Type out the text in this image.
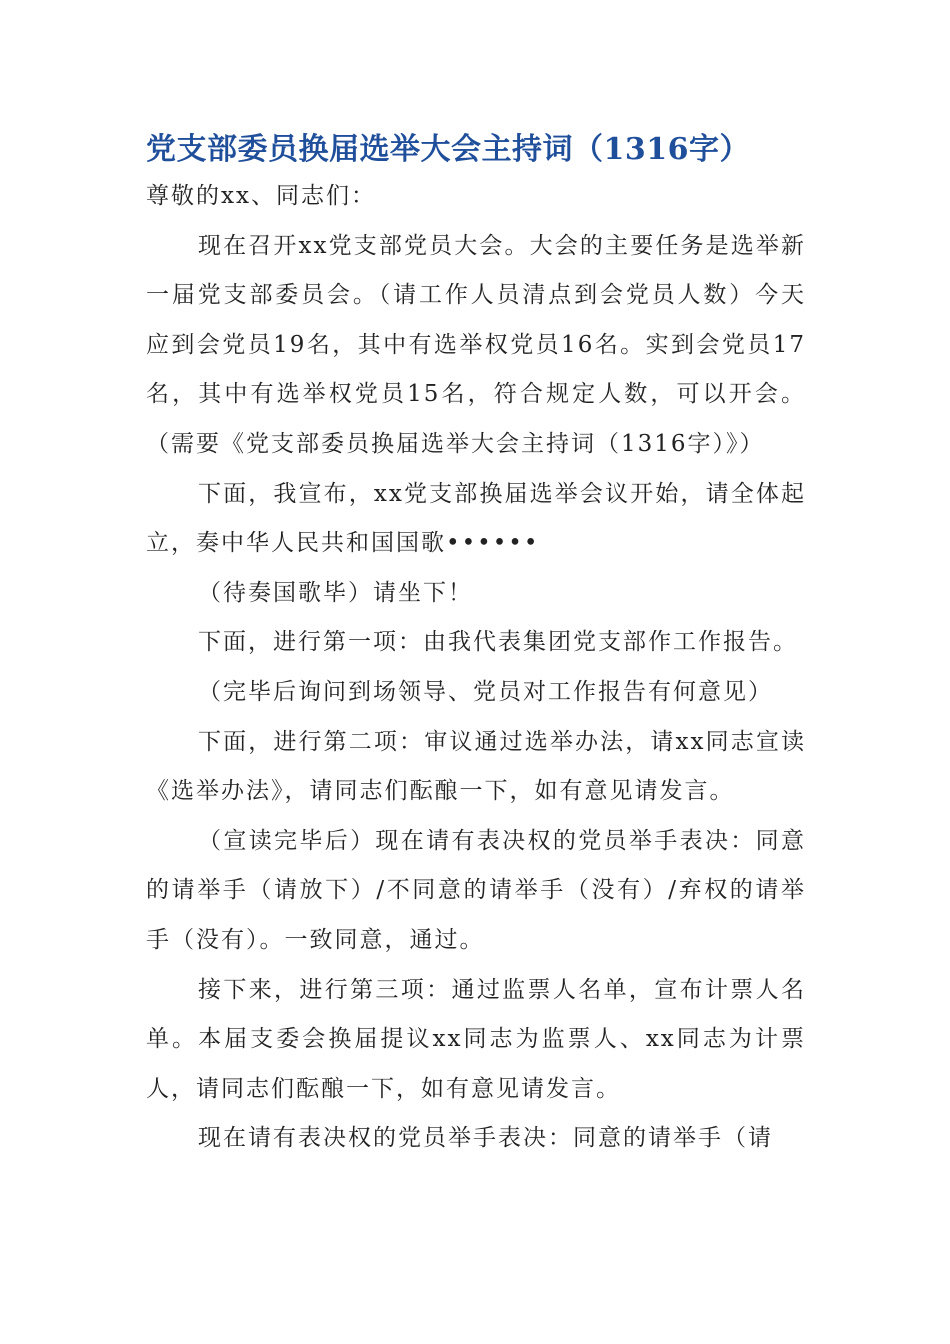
党支部委员换届选举大会主持词（1316字）

尊敬的xx、同志们：

现在召开xx党支部党员大会。大会的主要任务是选举新一届党支部委员会。（请工作人员清点到会党员人数）今天应到会党员19名，其中有选举权党员16名。实到会党员17名，其中有选举权党员15名，符合规定人数，可以开会。（需要《党支部委员换届选举大会主持词（1316字）》）

下面，我宣布，xx党支部换届选举会议开始，请全体起立，奏中华人民共和国国歌••••••

（待奏国歌毕）请坐下！

下面，进行第一项：由我代表集团党支部作工作报告。

（完毕后询问到场领导、党员对工作报告有何意见）

下面，进行第二项：审议通过选举办法，请xx同志宣读《选举办法》，请同志们酝酿一下，如有意见请发言。

（宣读完毕后）现在请有表决权的党员举手表决：同意的请举手（请放下）/不同意的请举手（没有）/弃权的请举手（没有）。一致同意，通过。

接下来，进行第三项：通过监票人名单，宣布计票人名单。本届支委会换届提议xx同志为监票人、xx同志为计票人，请同志们酝酿一下，如有意见请发言。

现在请有表决权的党员举手表决：同意的请举手（请
